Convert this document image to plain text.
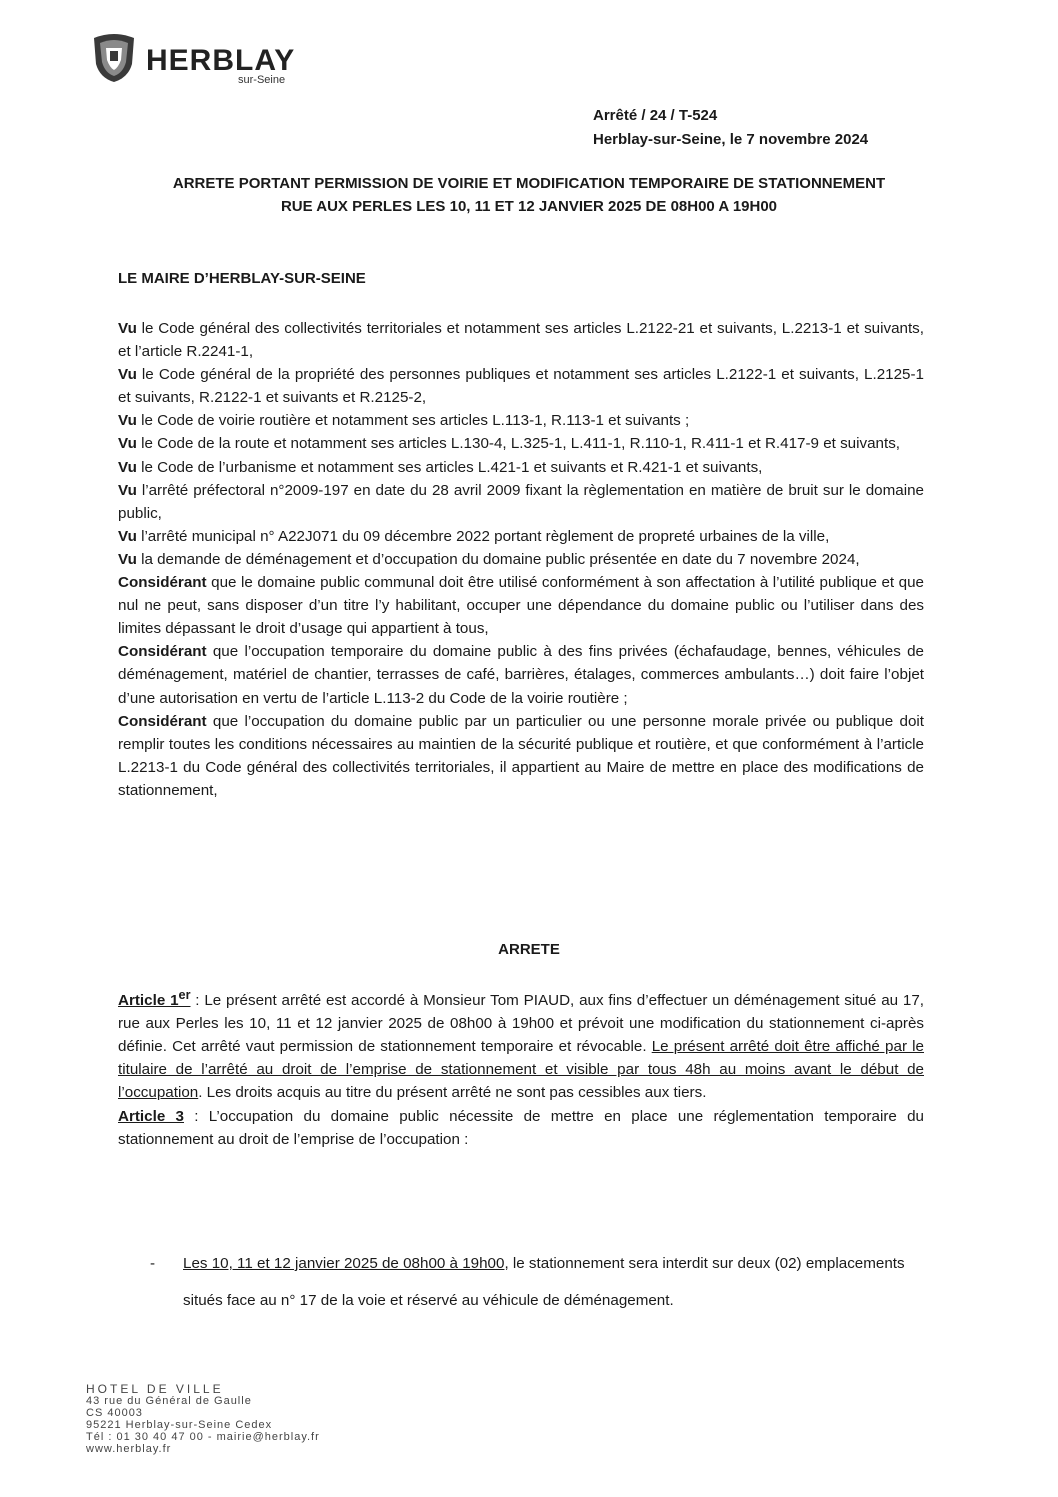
HERBLAY
sur-Seine
Arrêté / 24 / T-524
Herblay-sur-Seine, le 7 novembre 2024
ARRETE PORTANT PERMISSION DE VOIRIE ET MODIFICATION TEMPORAIRE DE STATIONNEMENT
RUE AUX PERLES LES 10, 11 ET 12 JANVIER 2025 DE 08H00 A 19H00
LE MAIRE D’HERBLAY-SUR-SEINE

Vu le Code général des collectivités territoriales et notamment ses articles L.2122-21 et suivants, L.2213-1 et suivants, et l’article R.2241-1,

Vu le Code général de la propriété des personnes publiques et notamment ses articles L.2122-1 et suivants, L.2125-1 et suivants, R.2122-1 et suivants et R.2125-2,

Vu le Code de voirie routière et notamment ses articles L.113-1, R.113-1 et suivants ;

Vu le Code de la route et notamment ses articles L.130-4, L.325-1, L.411-1, R.110-1, R.411-1 et R.417-9 et suivants,

Vu le Code de l’urbanisme et notamment ses articles L.421-1 et suivants et R.421-1 et suivants,

Vu l’arrêté préfectoral n°2009-197 en date du 28 avril 2009 fixant la règlementation en matière de bruit sur le domaine public,

Vu l’arrêté municipal n° A22J071 du 09 décembre 2022 portant règlement de propreté urbaines de la ville,

Vu la demande de déménagement et d’occupation du domaine public présentée en date du 7 novembre 2024,

Considérant que le domaine public communal doit être utilisé conformément à son affectation à l’utilité publique et que nul ne peut, sans disposer d’un titre l’y habilitant, occuper une dépendance du domaine public ou l’utiliser dans des limites dépassant le droit d’usage qui appartient à tous,

Considérant que l’occupation temporaire du domaine public à des fins privées (échafaudage, bennes, véhicules de déménagement, matériel de chantier, terrasses de café, barrières, étalages, commerces ambulants…) doit faire l’objet d’une autorisation en vertu de l’article L.113-2 du Code de la voirie routière ;

Considérant que l’occupation du domaine public par un particulier ou une personne morale privée ou publique doit remplir toutes les conditions nécessaires au maintien de la sécurité publique et routière, et que conformément à l’article L.2213-1 du Code général des collectivités territoriales, il appartient au Maire de mettre en place des modifications de stationnement,

ARRETE

Article 1er : Le présent arrêté est accordé à Monsieur Tom PIAUD, aux fins d’effectuer un déménagement situé au 17, rue aux Perles les 10, 11 et 12 janvier 2025 de 08h00 à 19h00 et prévoit une modification du stationnement ci-après définie. Cet arrêté vaut permission de stationnement temporaire et révocable. Le présent arrêté doit être affiché par le titulaire de l’arrêté au droit de l’emprise de stationnement et visible par tous 48h au moins avant le début de l’occupation. Les droits acquis au titre du présent arrêté ne sont pas cessibles aux tiers.

Article 3 : L’occupation du domaine public nécessite de mettre en place une réglementation temporaire du stationnement au droit de l’emprise de l’occupation :

- Les 10, 11 et 12 janvier 2025 de 08h00 à 19h00, le stationnement sera interdit sur deux (02) emplacements situés face au n° 17 de la voie et réservé au véhicule de déménagement.
HOTEL DE VILLE
43 rue du Général de Gaulle
CS 40003
95221 Herblay-sur-Seine Cedex
Tél : 01 30 40 47 00 - mairie@herblay.fr
www.herblay.fr
